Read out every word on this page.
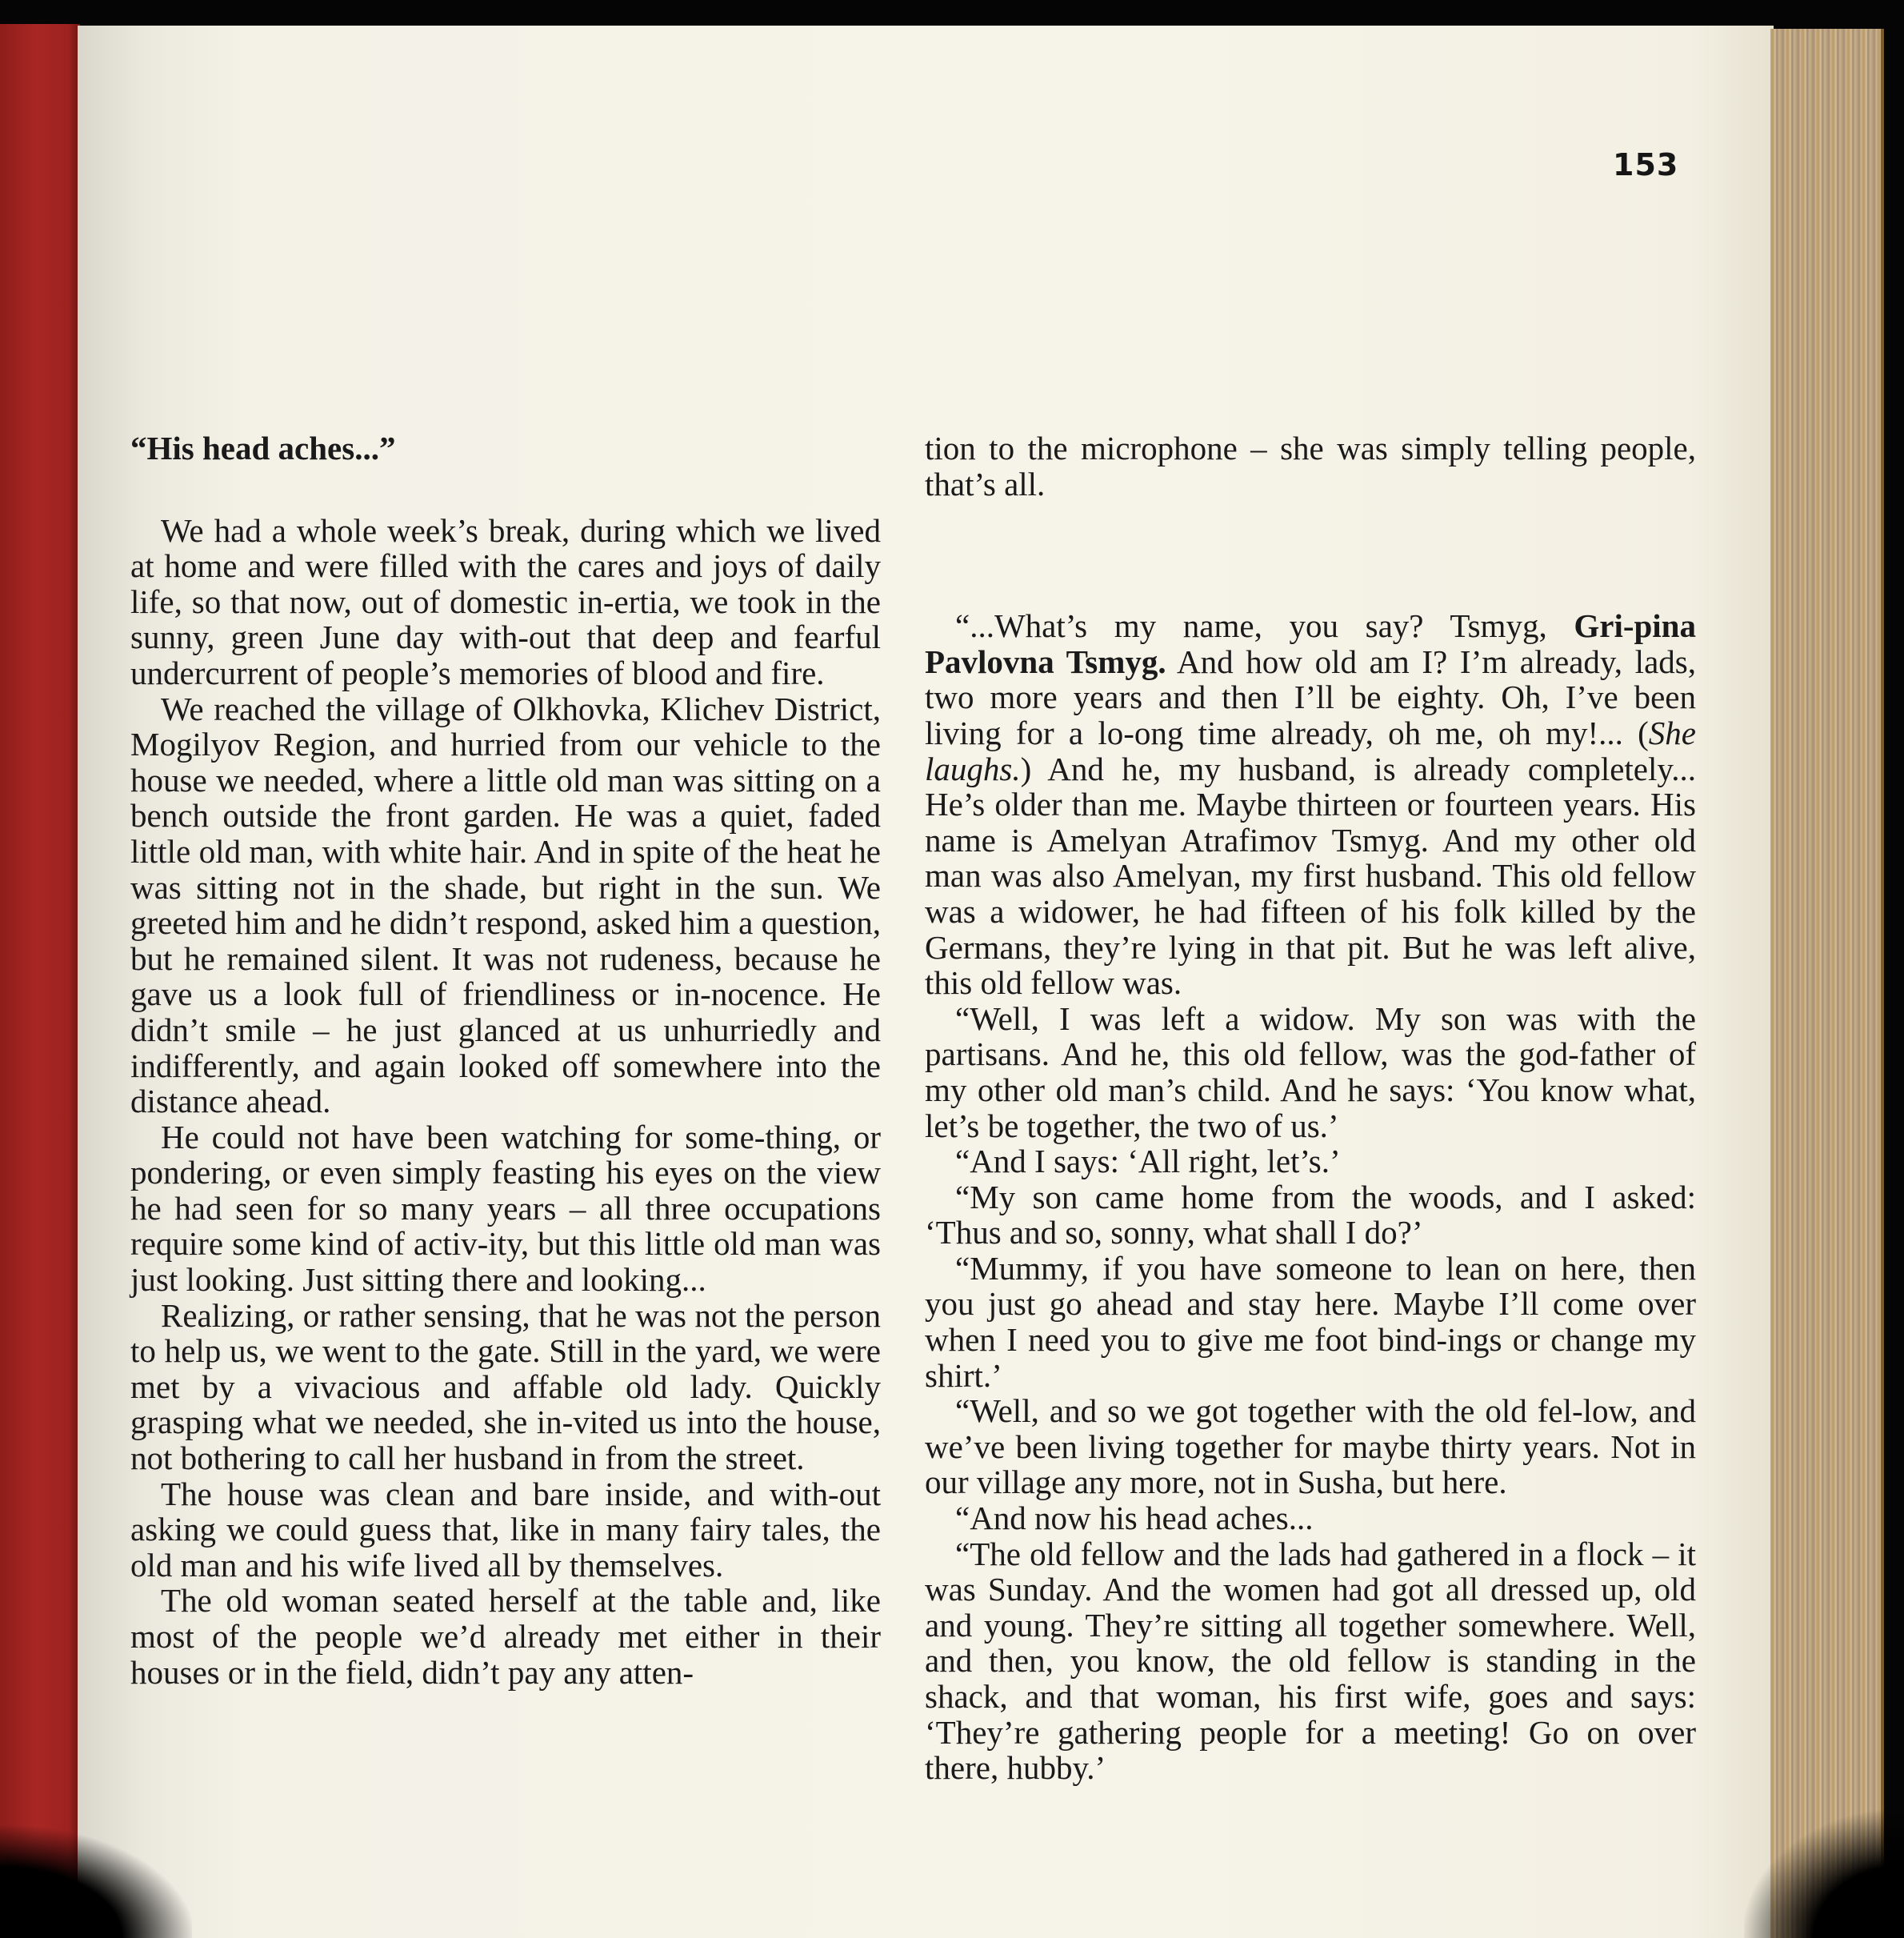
153
“His head aches...”

We had a whole week’s break, during which we lived at home and were filled with the cares and joys of daily life, so that now, out of domestic in-ertia, we took in the sunny, green June day with-out that deep and fearful undercurrent of people’s memories of blood and fire.

We reached the village of Olkhovka, Klichev District, Mogilyov Region, and hurried from our vehicle to the house we needed, where a little old man was sitting on a bench outside the front garden. He was a quiet, faded little old man, with white hair. And in spite of the heat he was sitting not in the shade, but right in the sun. We greeted him and he didn’t respond, asked him a question, but he remained silent. It was not rudeness, because he gave us a look full of friendliness or in-nocence. He didn’t smile – he just glanced at us unhurriedly and indifferently, and again looked off somewhere into the distance ahead.

He could not have been watching for some-thing, or pondering, or even simply feasting his eyes on the view he had seen for so many years – all three occupations require some kind of activ-ity, but this little old man was just looking. Just sitting there and looking...

Realizing, or rather sensing, that he was not the person to help us, we went to the gate. Still in the yard, we were met by a vivacious and affable old lady. Quickly grasping what we needed, she in-vited us into the house, not bothering to call her husband in from the street.

The house was clean and bare inside, and with-out asking we could guess that, like in many fairy tales, the old man and his wife lived all by themselves.

The old woman seated herself at the table and, like most of the people we’d already met either in their houses or in the field, didn’t pay any atten-

tion to the microphone – she was simply telling people, that’s all.

“...What’s my name, you say? Tsmyg, Gri-pina Pavlovna Tsmyg. And how old am I? I’m already, lads, two more years and then I’ll be eighty. Oh, I’ve been living for a lo-ong time already, oh me, oh my!... (She laughs.) And he, my husband, is already completely... He’s older than me. Maybe thirteen or fourteen years. His name is Amelyan Atrafimov Tsmyg. And my other old man was also Amelyan, my first husband. This old fellow was a widower, he had fifteen of his folk killed by the Germans, they’re lying in that pit. But he was left alive, this old fellow was.

“Well, I was left a widow. My son was with the partisans. And he, this old fellow, was the god-father of my other old man’s child. And he says: ‘You know what, let’s be together, the two of us.’

“And I says: ‘All right, let’s.’

“My son came home from the woods, and I asked: ‘Thus and so, sonny, what shall I do?’

“Mummy, if you have someone to lean on here, then you just go ahead and stay here. Maybe I’ll come over when I need you to give me foot bind-ings or change my shirt.’

“Well, and so we got together with the old fel-low, and we’ve been living together for maybe thirty years. Not in our village any more, not in Susha, but here.

“And now his head aches...

“The old fellow and the lads had gathered in a flock – it was Sunday. And the women had got all dressed up, old and young. They’re sitting all together somewhere. Well, and then, you know, the old fellow is standing in the shack, and that woman, his first wife, goes and says: ‘They’re gathering people for a meeting! Go on over there, hubby.’
